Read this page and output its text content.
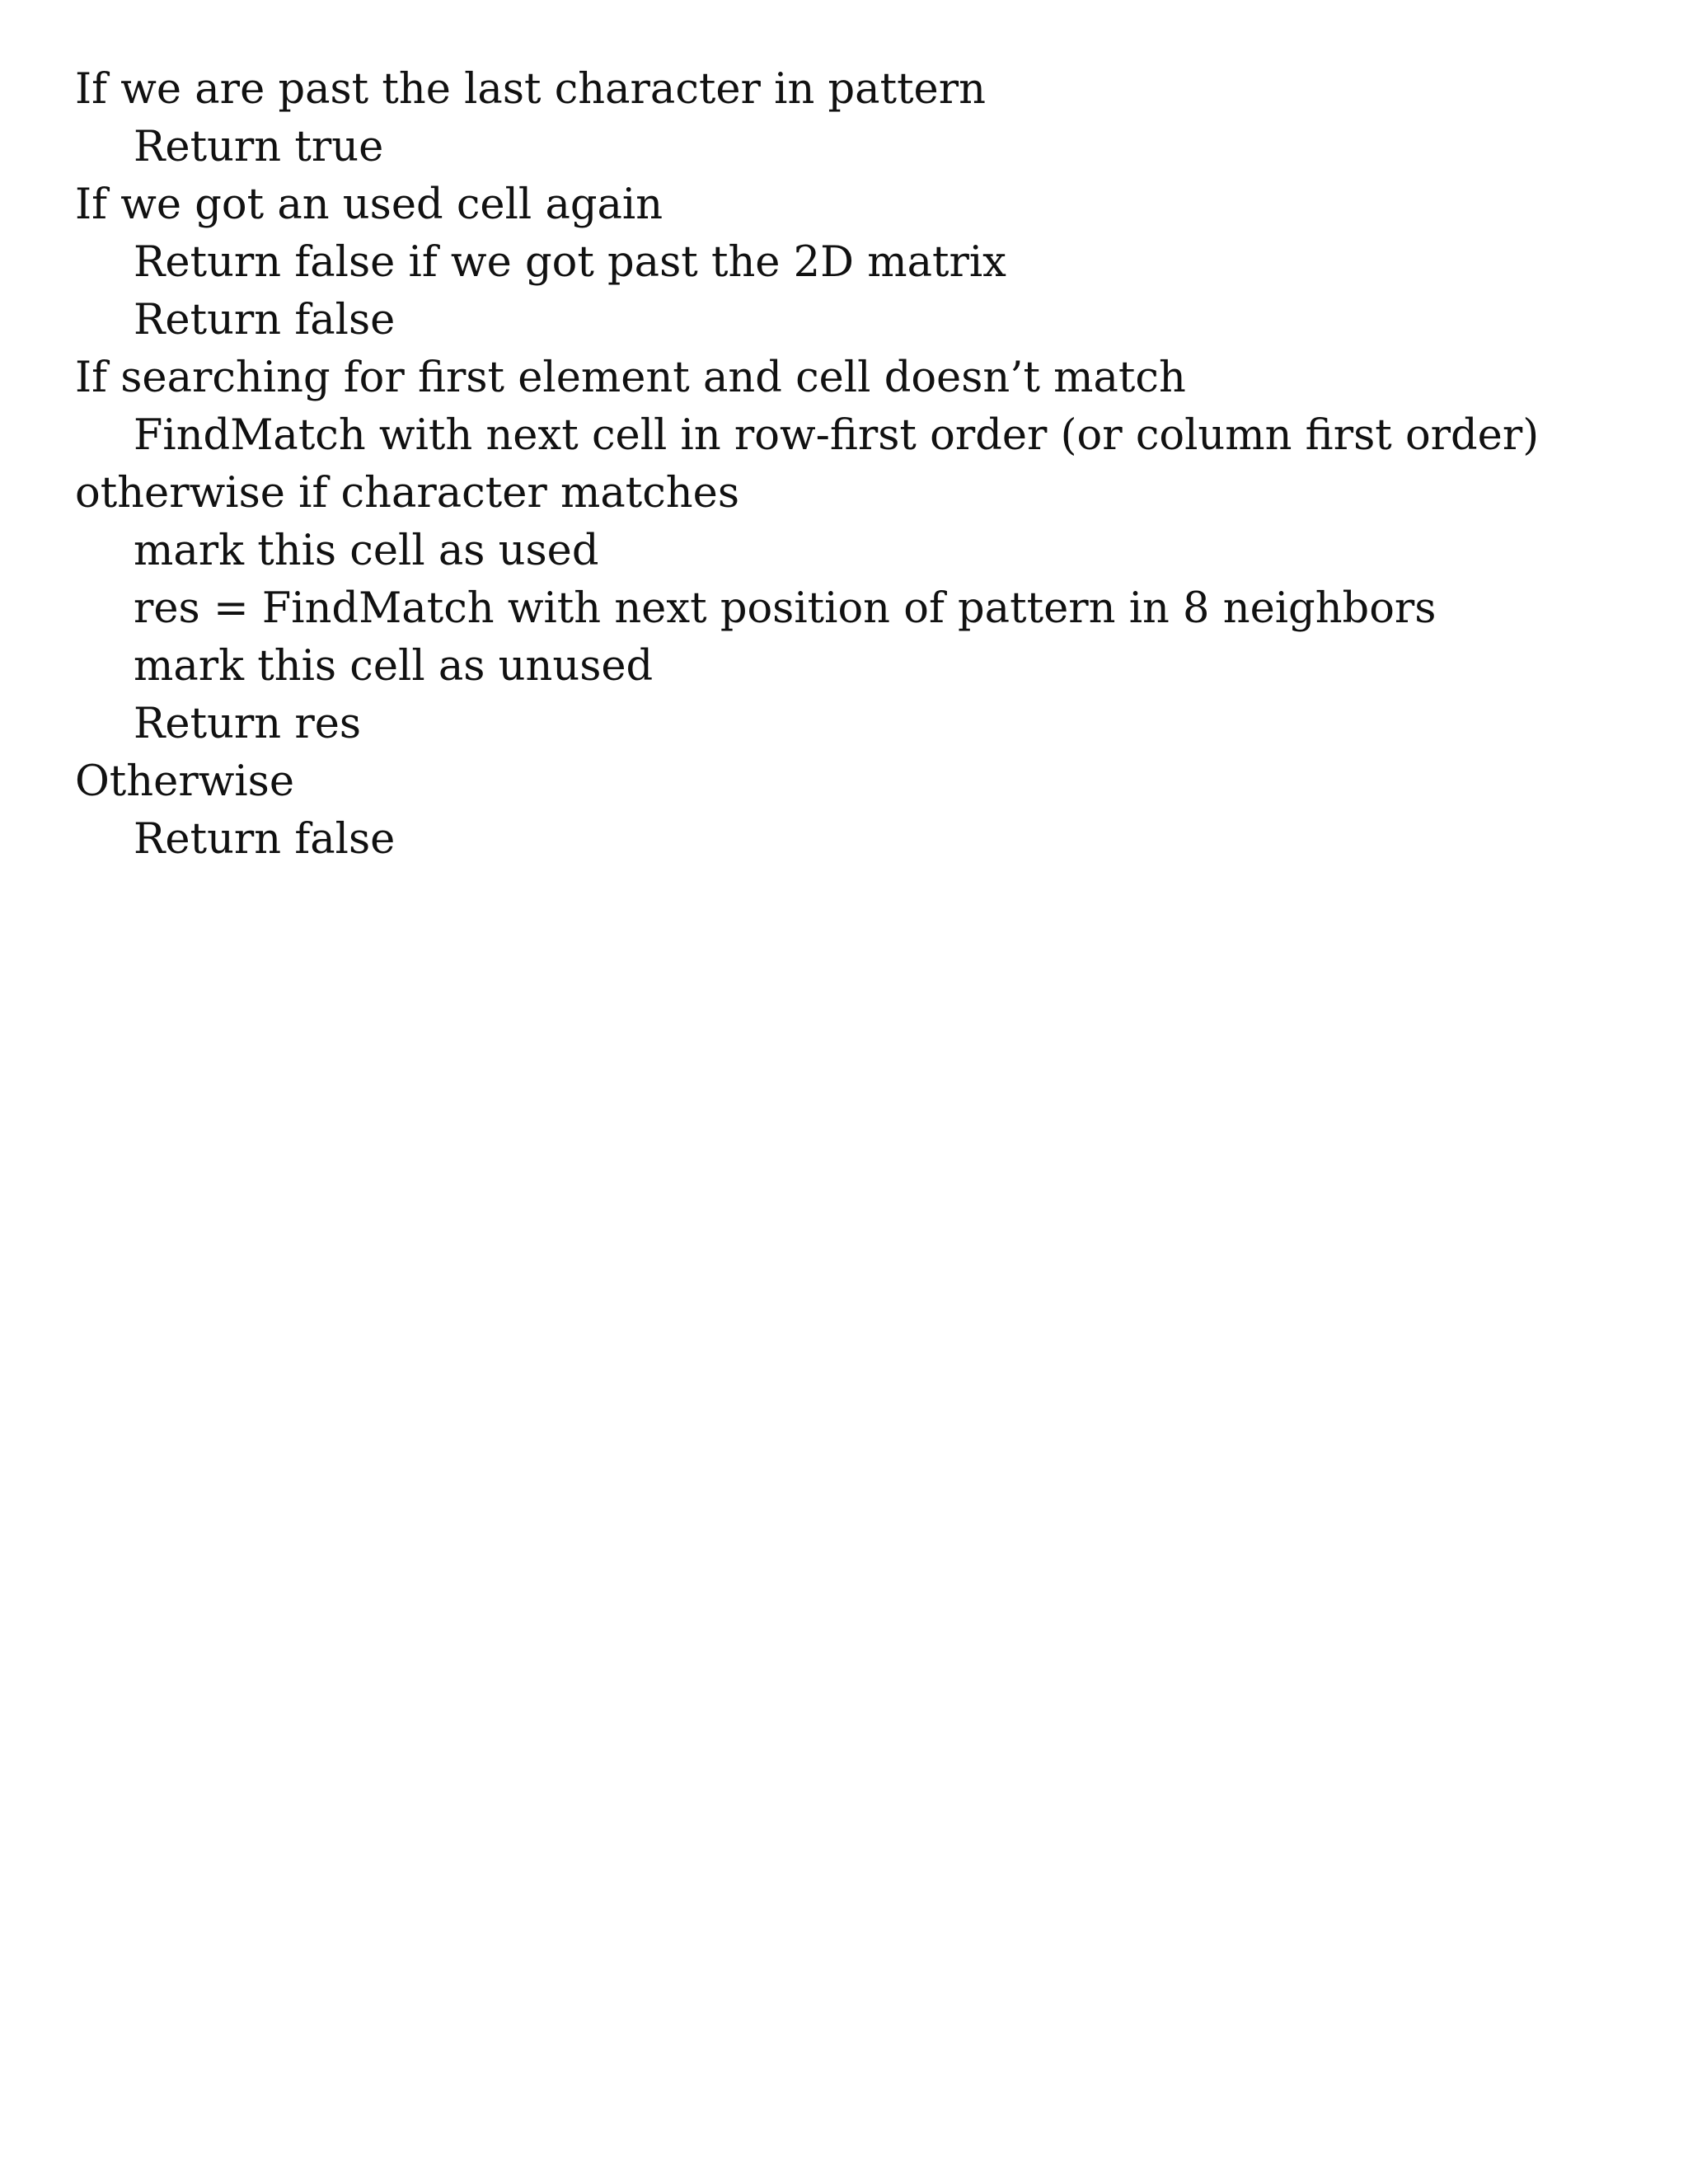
If we are past the last character in pattern
Return true
If we got an used cell again
Return false if we got past the 2D matrix
Return false
If searching for first element and cell doesn’t match
FindMatch with next cell in row-first order (or column first order)
otherwise if character matches
mark this cell as used
res = FindMatch with next position of pattern in 8 neighbors
mark this cell as unused
Return res
Otherwise
Return false
